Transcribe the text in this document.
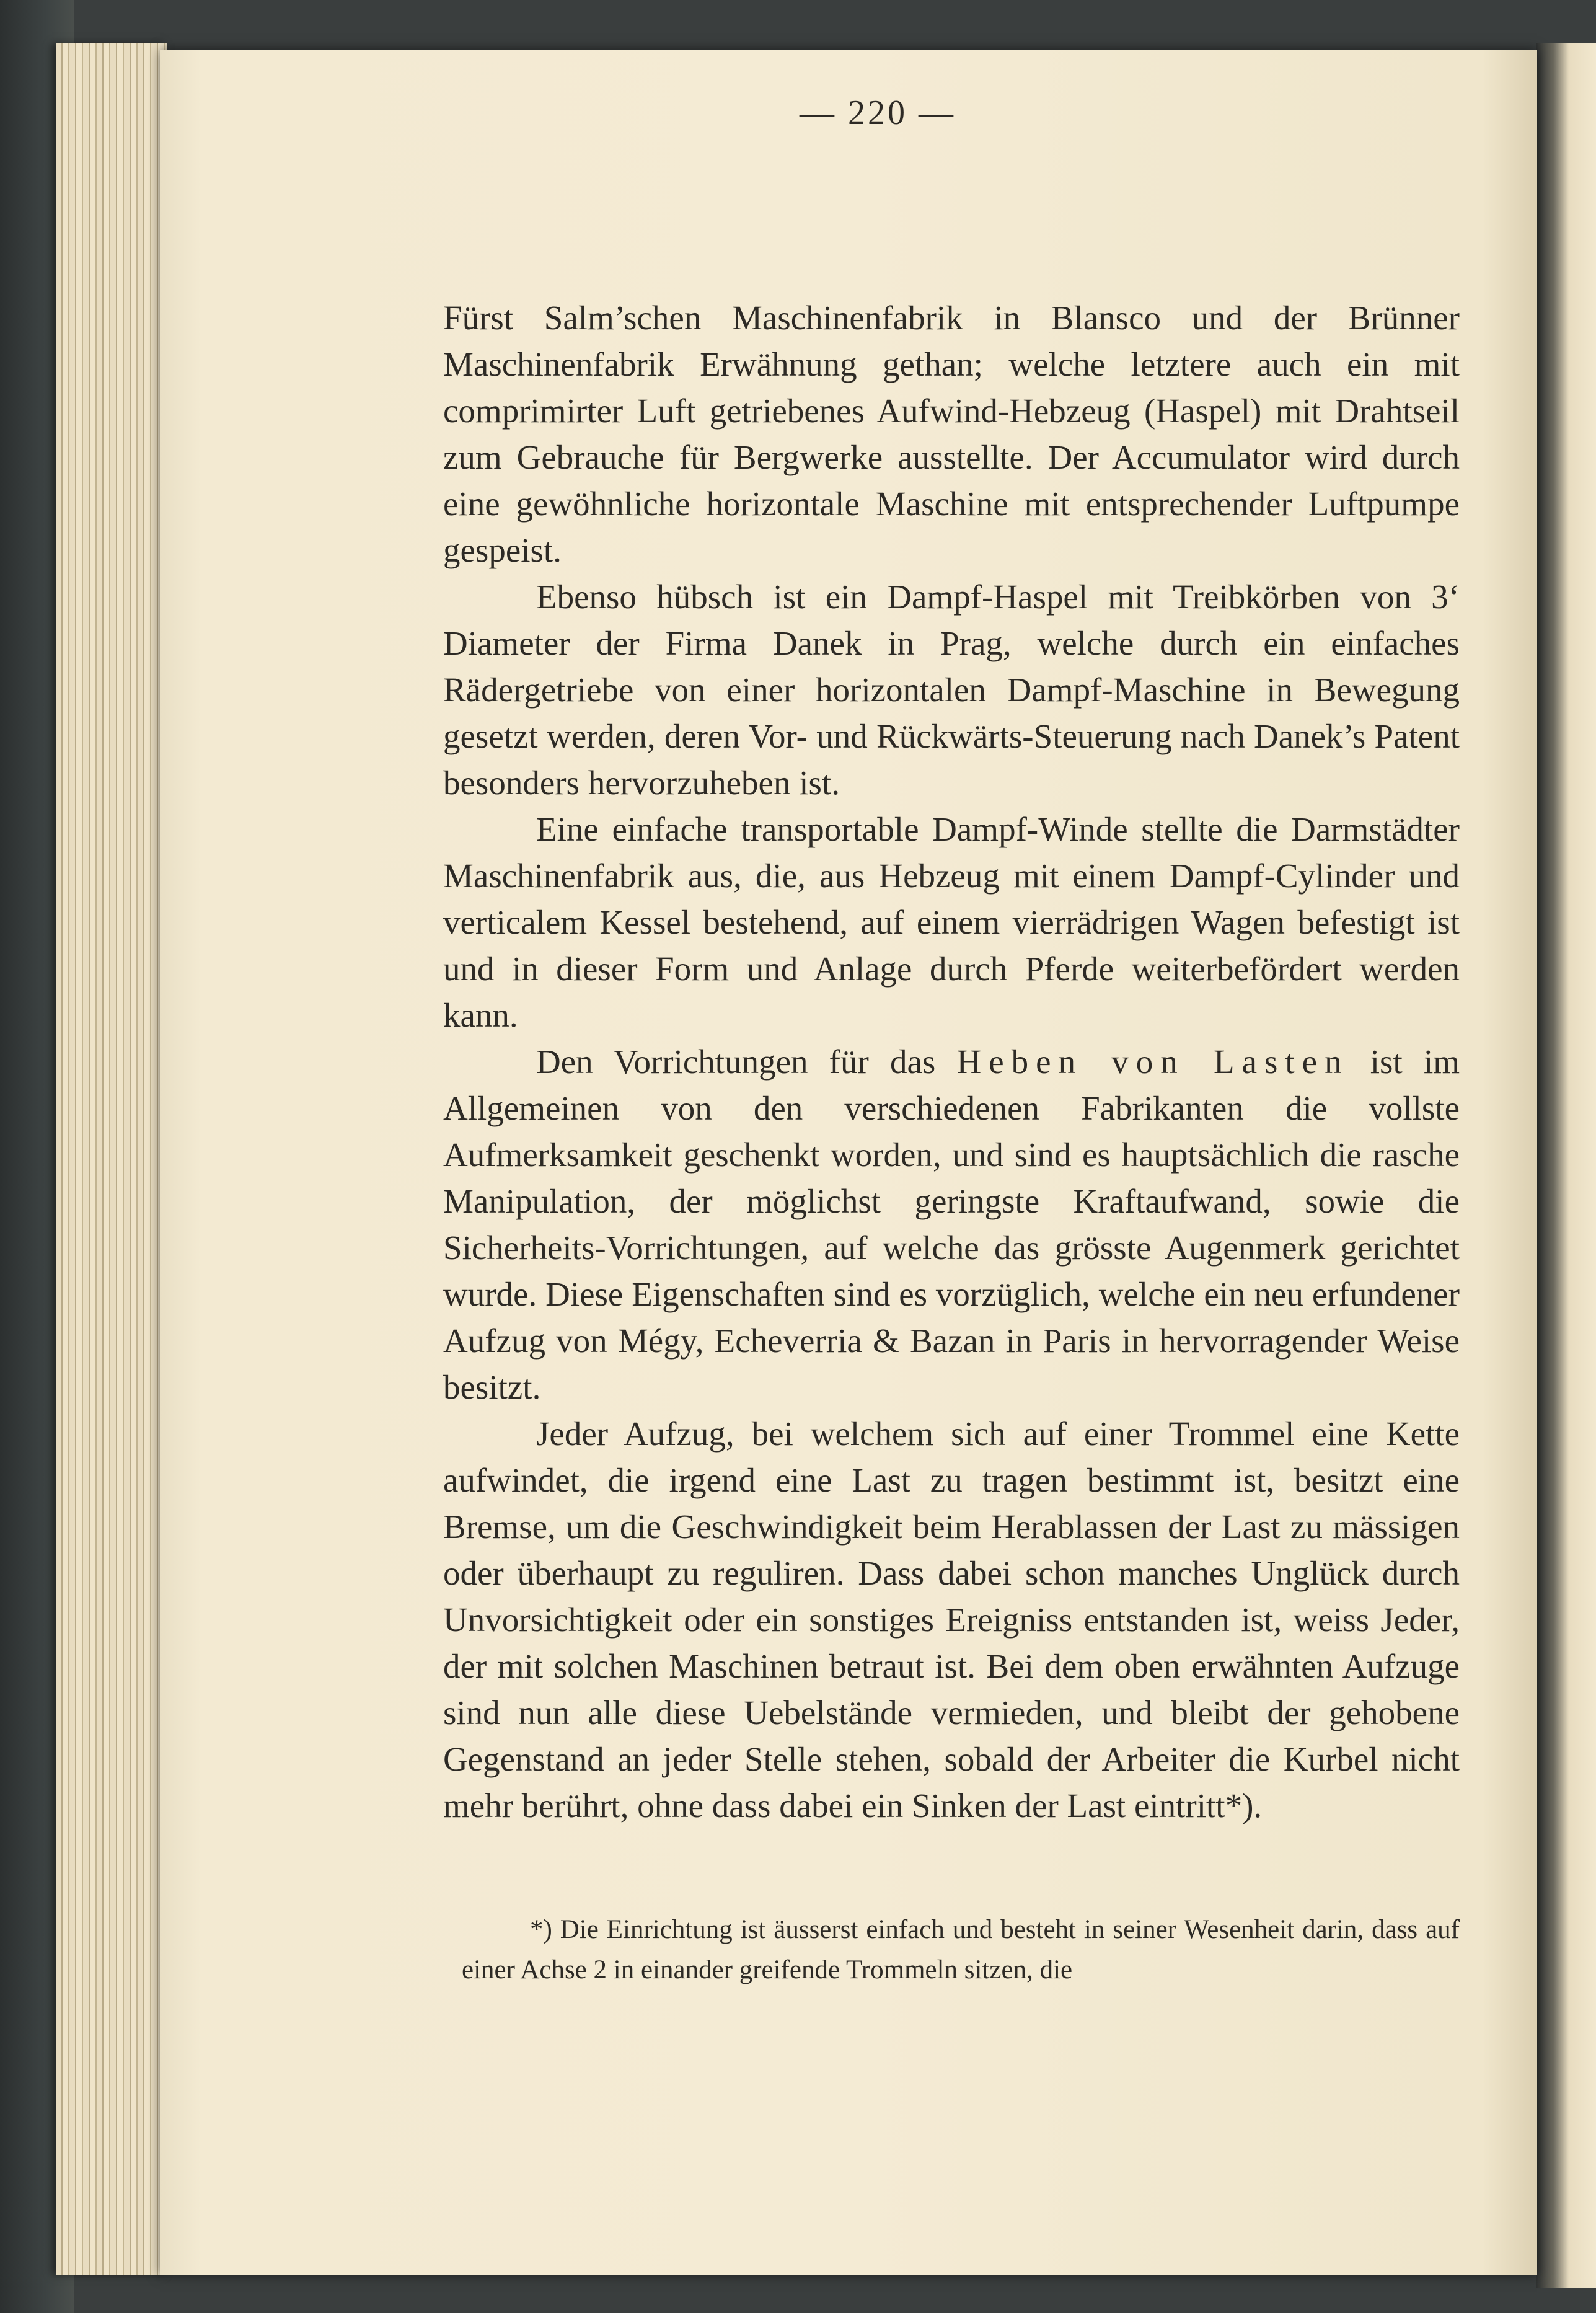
— 220 —

Fürst Salm’schen Maschinenfabrik in Blansco und der Brünner Maschinenfabrik Erwähnung gethan; welche letztere auch ein mit comprimirter Luft getriebenes Aufwind-Hebzeug (Haspel) mit Drahtseil zum Gebrauche für Bergwerke ausstellte. Der Accumulator wird durch eine gewöhnliche horizontale Maschine mit entsprechender Luftpumpe gespeist.

Ebenso hübsch ist ein Dampf-Haspel mit Treibkörben von 3‘ Diameter der Firma Danek in Prag, welche durch ein einfaches Rädergetriebe von einer horizontalen Dampf-Maschine in Bewegung gesetzt werden, deren Vor- und Rückwärts-Steuerung nach Danek’s Patent besonders hervorzuheben ist.

Eine einfache transportable Dampf-Winde stellte die Darmstädter Maschinenfabrik aus, die, aus Hebzeug mit einem Dampf-Cylinder und verticalem Kessel bestehend, auf einem vierrädrigen Wagen befestigt ist und in dieser Form und Anlage durch Pferde weiterbefördert werden kann.

Den Vorrichtungen für das Heben von Lasten ist im Allgemeinen von den verschiedenen Fabrikanten die vollste Aufmerksamkeit geschenkt worden, und sind es hauptsächlich die rasche Manipulation, der möglichst geringste Kraftaufwand, sowie die Sicherheits-Vorrichtungen, auf welche das grösste Augenmerk gerichtet wurde. Diese Eigenschaften sind es vorzüglich, welche ein neu erfundener Aufzug von Mégy, Echeverria & Bazan in Paris in hervorragender Weise besitzt.

Jeder Aufzug, bei welchem sich auf einer Trommel eine Kette aufwindet, die irgend eine Last zu tragen bestimmt ist, besitzt eine Bremse, um die Geschwindigkeit beim Herablassen der Last zu mässigen oder überhaupt zu reguliren. Dass dabei schon manches Unglück durch Unvorsichtigkeit oder ein sonstiges Ereigniss entstanden ist, weiss Jeder, der mit solchen Maschinen betraut ist. Bei dem oben erwähnten Aufzuge sind nun alle diese Uebelstände vermieden, und bleibt der gehobene Gegenstand an jeder Stelle stehen, sobald der Arbeiter die Kurbel nicht mehr berührt, ohne dass dabei ein Sinken der Last eintritt*).

*) Die Einrichtung ist äusserst einfach und besteht in seiner Wesenheit darin, dass auf einer Achse 2 in einander greifende Trommeln sitzen, die
